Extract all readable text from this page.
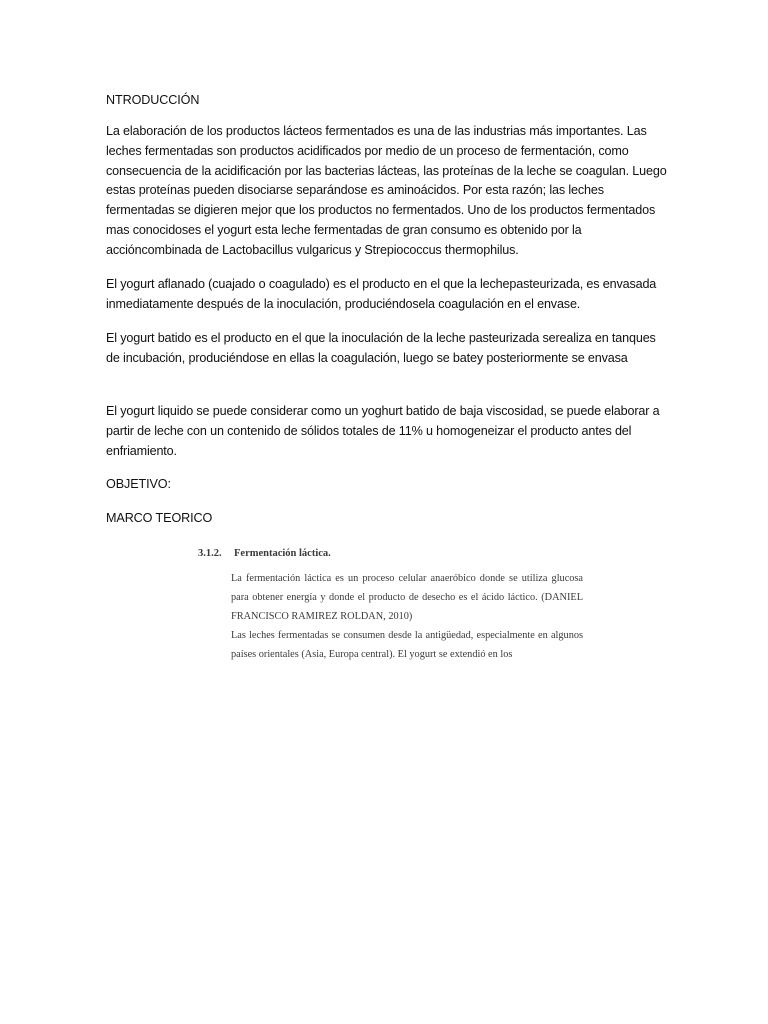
NTRODUCCIÓN

La elaboración de los productos lácteos fermentados es una de las industrias más importantes. Las leches fermentadas son productos acidificados por medio de un proceso de fermentación, como consecuencia de la acidificación por las bacterias lácteas, las proteínas de la leche se coagulan. Luego estas proteínas pueden disociarse separándose es aminoácidos. Por esta razón; las leches fermentadas se digieren mejor que los productos no fermentados. Uno de los productos fermentados mas conocidoses el yogurt esta leche fermentadas de gran consumo es obtenido por la accióncombinada de Lactobacillus vulgaricus y Strepiococcus thermophilus.

El yogurt aflanado (cuajado o coagulado) es el producto en el que la lechepasteurizada, es envasada inmediatamente después de la inoculación, produciéndosela coagulación en el envase.

El yogurt batido es el producto en el que la inoculación de la leche pasteurizada serealiza en tanques de incubación, produciéndose en ellas la coagulación, luego se batey posteriormente se envasa

El yogurt liquido se puede considerar como un yoghurt batido de baja viscosidad, se puede elaborar a partir de leche con un contenido de sólidos totales de 11% u homogeneizar el producto antes del enfriamiento.

OBJETIVO:

MARCO TEORICO

3.1.2. Fermentación láctica.

La fermentación láctica es un proceso celular anaeróbico donde se utiliza glucosa para obtener energía y donde el producto de desecho es el ácido láctico. (DANIEL FRANCISCO RAMIREZ ROLDAN, 2010)

Las leches fermentadas se consumen desde la antigüedad, especialmente en algunos países orientales (Asia, Europa central). El yogurt se extendió en los
